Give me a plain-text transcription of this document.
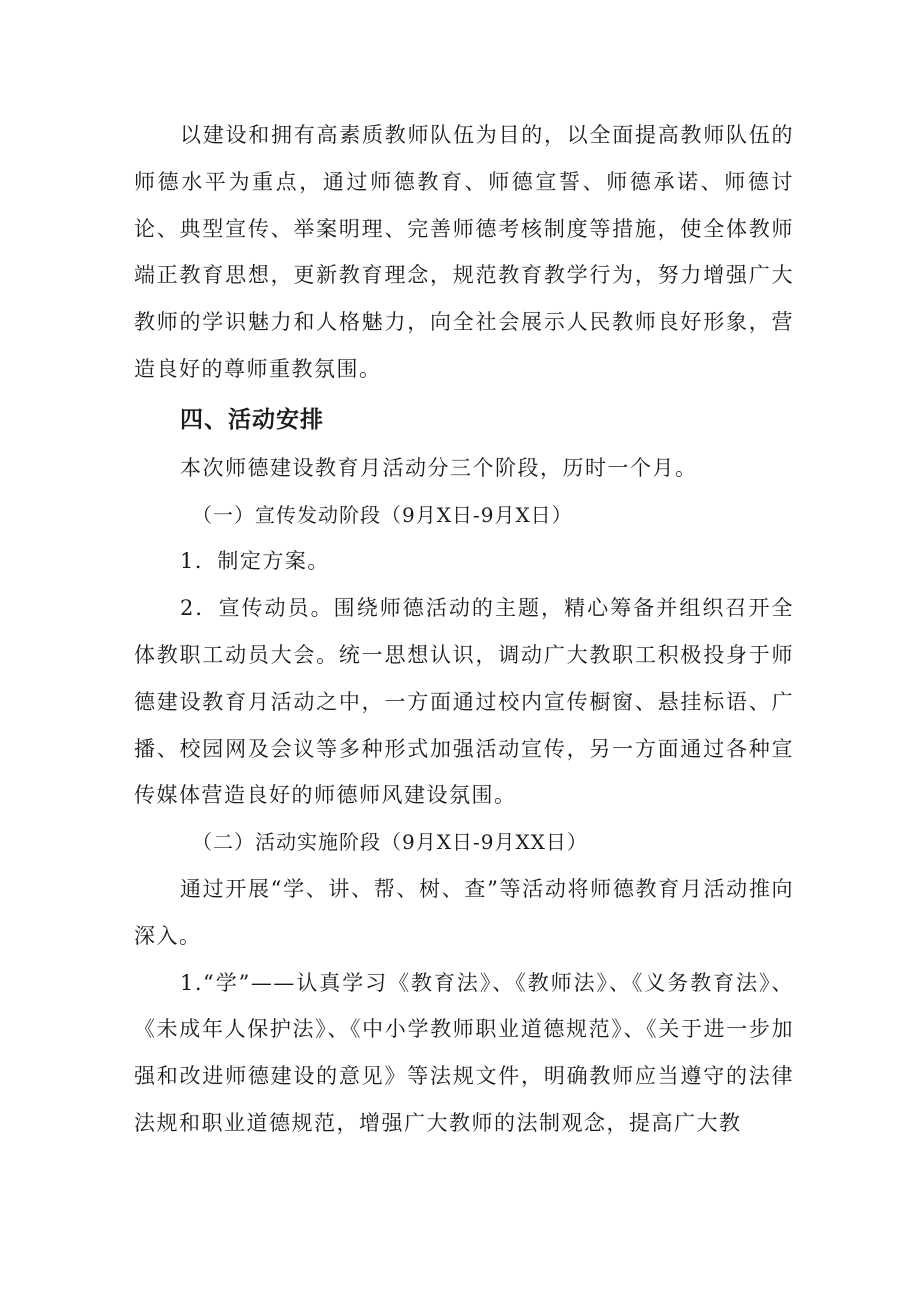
以建设和拥有高素质教师队伍为目的，以全面提高教师队伍的师德水平为重点，通过师德教育、师德宣誓、师德承诺、师德讨论、典型宣传、举案明理、完善师德考核制度等措施，使全体教师端正教育思想，更新教育理念，规范教育教学行为，努力增强广大教师的学识魅力和人格魅力，向全社会展示人民教师良好形象，营造良好的尊师重教氛围。

四、活动安排

本次师德建设教育月活动分三个阶段，历时一个月。

（一）宣传发动阶段（9月X日-9月X日）

1．制定方案。

2．宣传动员。围绕师德活动的主题，精心筹备并组织召开全体教职工动员大会。统一思想认识，调动广大教职工积极投身于师德建设教育月活动之中，一方面通过校内宣传橱窗、悬挂标语、广播、校园网及会议等多种形式加强活动宣传，另一方面通过各种宣传媒体营造良好的师德师风建设氛围。

（二）活动实施阶段（9月X日-9月XX日）

通过开展“学、讲、帮、树、查”等活动将师德教育月活动推向深入。

1.“学”——认真学习《教育法》、《教师法》、《义务教育法》、《未成年人保护法》、《中小学教师职业道德规范》、《关于进一步加强和改进师德建设的意见》等法规文件，明确教师应当遵守的法律法规和职业道德规范，增强广大教师的法制观念，提高广大教
